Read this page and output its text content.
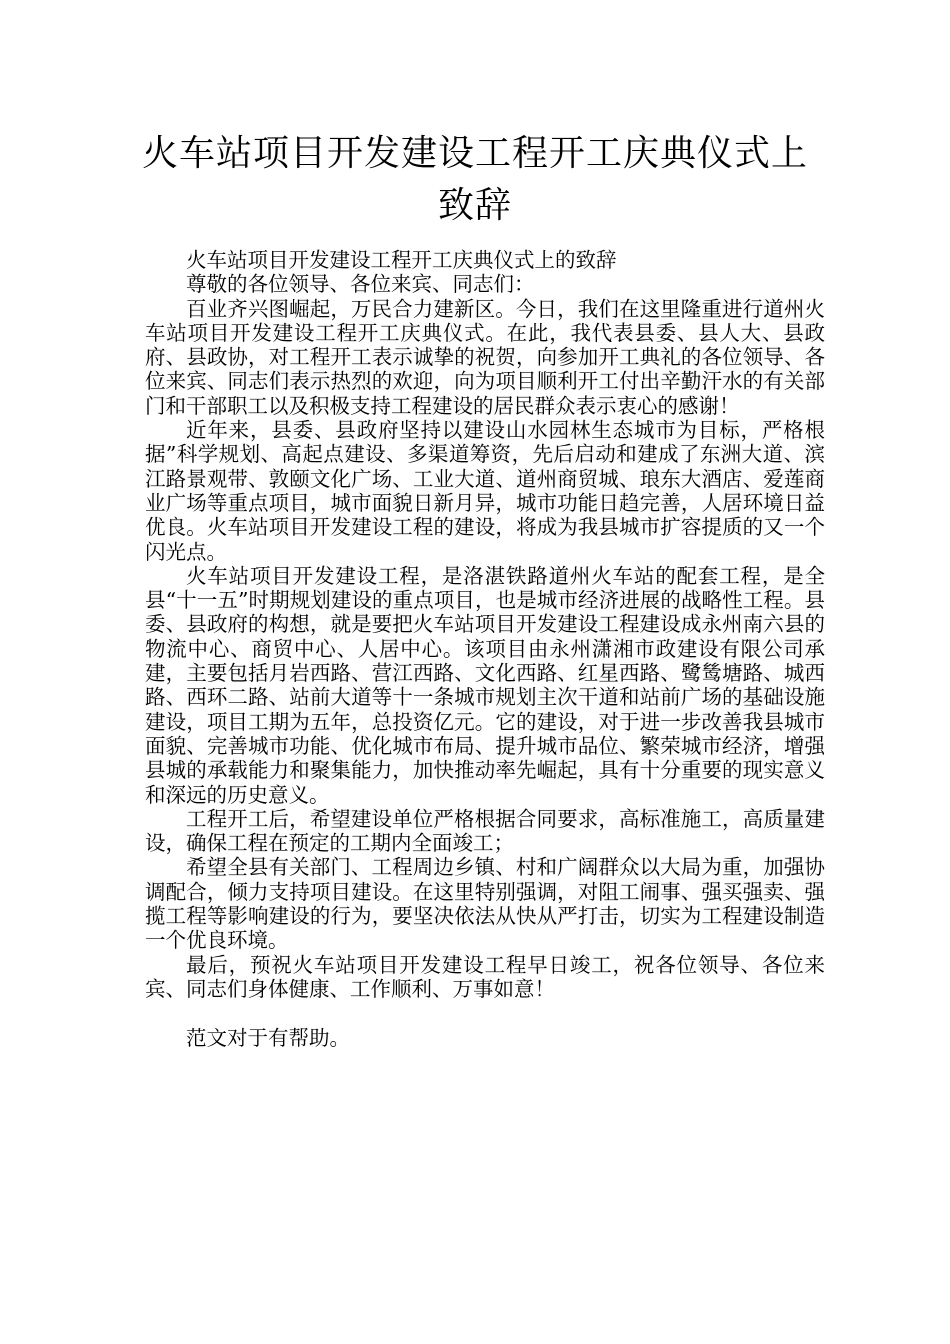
火车站项目开发建设工程开工庆典仪式上
致辞

火车站项目开发建设工程开工庆典仪式上的致辞

尊敬的各位领导、各位来宾、同志们：

百业齐兴图崛起，万民合力建新区。今日，我们在这里隆重进行道州火车站项目开发建设工程开工庆典仪式。在此，我代表县委、县人大、县政府、县政协，对工程开工表示诚挚的祝贺，向参加开工典礼的各位领导、各位来宾、同志们表示热烈的欢迎，向为项目顺利开工付出辛勤汗水的有关部门和干部职工以及积极支持工程建设的居民群众表示衷心的感谢！

近年来，县委、县政府坚持以建设山水园林生态城市为目标，严格根据”科学规划、高起点建设、多渠道筹资，先后启动和建成了东洲大道、滨江路景观带、敦颐文化广场、工业大道、道州商贸城、琅东大酒店、爱莲商业广场等重点项目，城市面貌日新月异，城市功能日趋完善，人居环境日益优良。火车站项目开发建设工程的建设，将成为我县城市扩容提质的又一个闪光点。

火车站项目开发建设工程，是洛湛铁路道州火车站的配套工程，是全县“十一五”时期规划建设的重点项目，也是城市经济进展的战略性工程。县委、县政府的构想，就是要把火车站项目开发建设工程建设成永州南六县的物流中心、商贸中心、人居中心。该项目由永州潇湘市政建设有限公司承建，主要包括月岩西路、营江西路、文化西路、红星西路、鹭鸶塘路、城西路、西环二路、站前大道等十一条城市规划主次干道和站前广场的基础设施建设，项目工期为五年，总投资亿元。它的建设，对于进一步改善我县城市面貌、完善城市功能、优化城市布局、提升城市品位、繁荣城市经济，增强县城的承载能力和聚集能力，加快推动率先崛起，具有十分重要的现实意义和深远的历史意义。

工程开工后，希望建设单位严格根据合同要求，高标准施工，高质量建设，确保工程在预定的工期内全面竣工；

希望全县有关部门、工程周边乡镇、村和广阔群众以大局为重，加强协调配合，倾力支持项目建设。在这里特别强调，对阻工闹事、强买强卖、强揽工程等影响建设的行为，要坚决依法从快从严打击，切实为工程建设制造一个优良环境。

最后，预祝火车站项目开发建设工程早日竣工，祝各位领导、各位来宾、同志们身体健康、工作顺利、万事如意！

范文对于有帮助。
